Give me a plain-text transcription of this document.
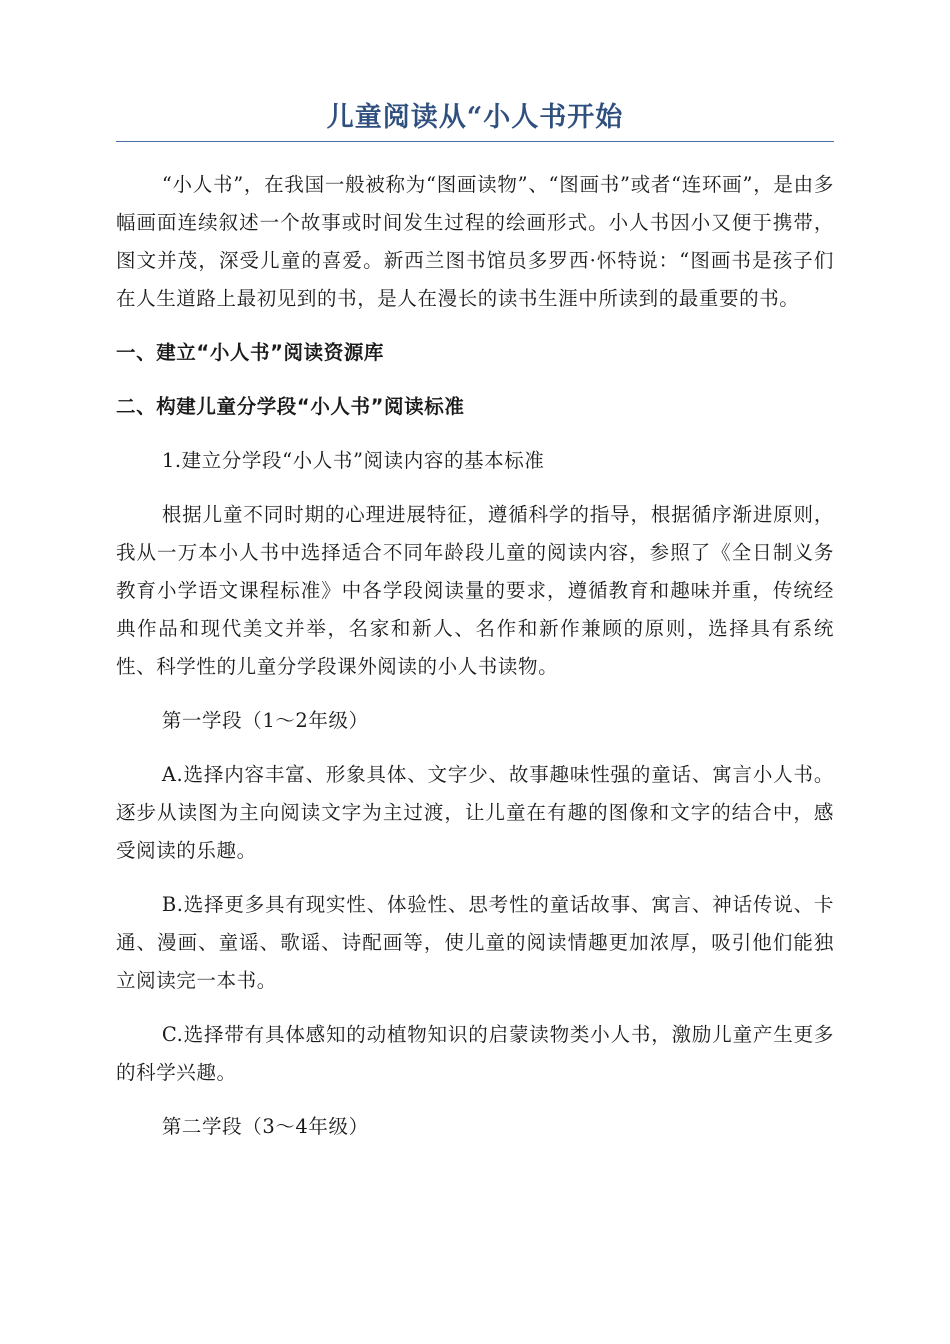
儿童阅读从“小人书开始

“小人书”，在我国一般被称为“图画读物”、“图画书”或者“连环画”，是由多幅画面连续叙述一个故事或时间发生过程的绘画形式。小人书因小又便于携带，图文并茂，深受儿童的喜爱。新西兰图书馆员多罗西·怀特说：“图画书是孩子们在人生道路上最初见到的书，是人在漫长的读书生涯中所读到的最重要的书。

一、建立“小人书”阅读资源库

二、构建儿童分学段“小人书”阅读标准

1.建立分学段“小人书”阅读内容的基本标准

根据儿童不同时期的心理进展特征，遵循科学的指导，根据循序渐进原则，我从一万本小人书中选择适合不同年龄段儿童的阅读内容，参照了《全日制义务教育小学语文课程标准》中各学段阅读量的要求，遵循教育和趣味并重，传统经典作品和现代美文并举，名家和新人、名作和新作兼顾的原则，选择具有系统性、科学性的儿童分学段课外阅读的小人书读物。

第一学段（1～2年级）

A.选择内容丰富、形象具体、文字少、故事趣味性强的童话、寓言小人书。逐步从读图为主向阅读文字为主过渡，让儿童在有趣的图像和文字的结合中，感受阅读的乐趣。

B.选择更多具有现实性、体验性、思考性的童话故事、寓言、神话传说、卡通、漫画、童谣、歌谣、诗配画等，使儿童的阅读情趣更加浓厚，吸引他们能独立阅读完一本书。

C.选择带有具体感知的动植物知识的启蒙读物类小人书，激励儿童产生更多的科学兴趣。

第二学段（3～4年级）
